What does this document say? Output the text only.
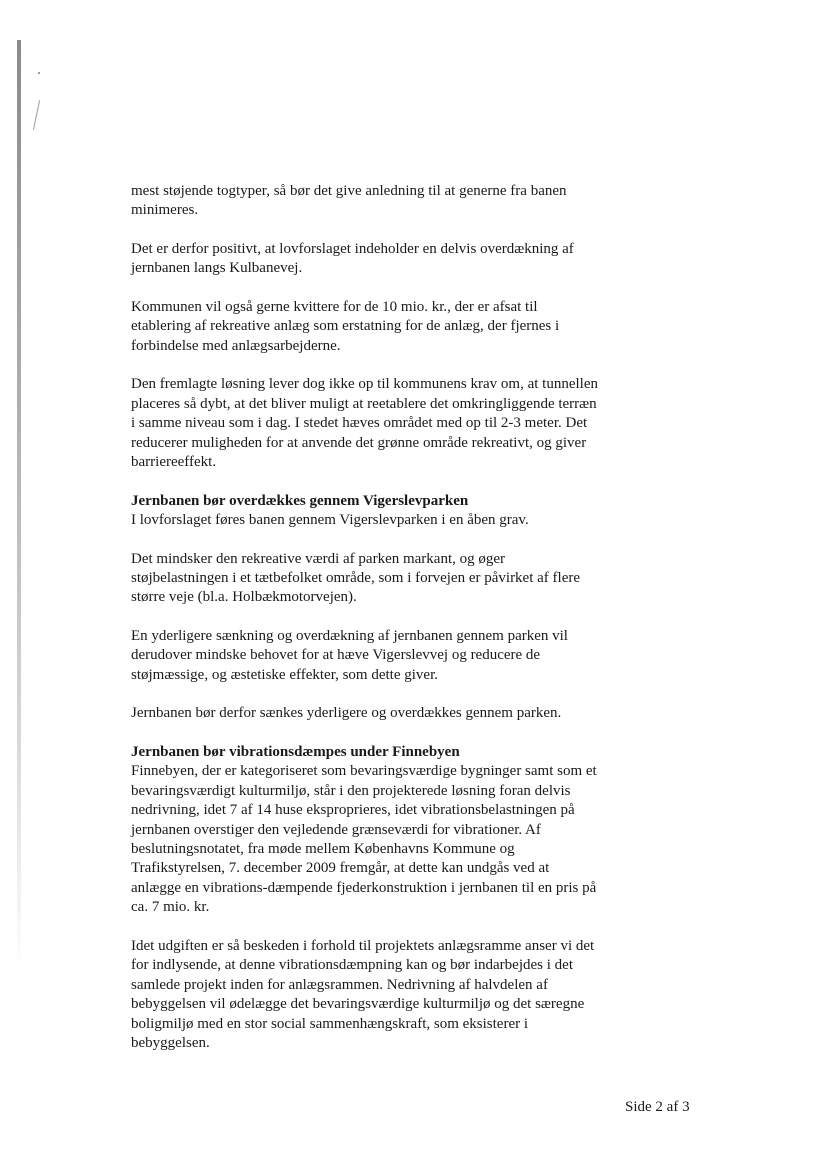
mest støjende togtyper, så bør det give anledning til at generne fra banen minimeres.

Det er derfor positivt, at lovforslaget indeholder en delvis overdækning af jernbanen langs Kulbanevej.

Kommunen vil også gerne kvittere for de 10 mio. kr., der er afsat til etablering af rekreative anlæg som erstatning for de anlæg, der fjernes i forbindelse med anlægsarbejderne.

Den fremlagte løsning lever dog ikke op til kommunens krav om, at tunnellen placeres så dybt, at det bliver muligt at reetablere det omkringliggende terræn i samme niveau som i dag. I stedet hæves området med op til 2-3 meter. Det reducerer muligheden for at anvende det grønne område rekreativt, og giver barriereeffekt.

Jernbanen bør overdækkes gennem Vigerslevparken
I lovforslaget føres banen gennem Vigerslevparken i en åben grav.

Det mindsker den rekreative værdi af parken markant, og øger støjbelastningen i et tætbefolket område, som i forvejen er påvirket af flere større veje (bl.a. Holbækmotorvejen).

En yderligere sænkning og overdækning af jernbanen gennem parken vil derudover mindske behovet for at hæve Vigerslevvej og reducere de støjmæssige, og æstetiske effekter, som dette giver.

Jernbanen bør derfor sænkes yderligere og overdækkes gennem parken.

Jernbanen bør vibrationsdæmpes under Finnebyen
Finnebyen, der er kategoriseret som bevaringsværdige bygninger samt som et bevaringsværdigt kulturmiljø, står i den projekterede løsning foran delvis nedrivning, idet 7 af 14 huse eksproprieres, idet vibrationsbelastningen på jernbanen overstiger den vejledende grænseværdi for vibrationer. Af beslutningsnotatet, fra møde mellem Københavns Kommune og Trafikstyrelsen, 7. december 2009 fremgår, at dette kan undgås ved at anlægge en vibrations-dæmpende fjederkonstruktion i jernbanen til en pris på ca. 7 mio. kr.

Idet udgiften er så beskeden i forhold til projektets anlægsramme anser vi det for indlysende, at denne vibrationsdæmpning kan og bør indarbejdes i det samlede projekt inden for anlægsrammen. Nedrivning af halvdelen af bebyggelsen vil ødelægge det bevaringsværdige kulturmiljø og det særegne boligmiljø med en stor social sammenhængskraft, som eksisterer i bebyggelsen.

Side 2 af 3
